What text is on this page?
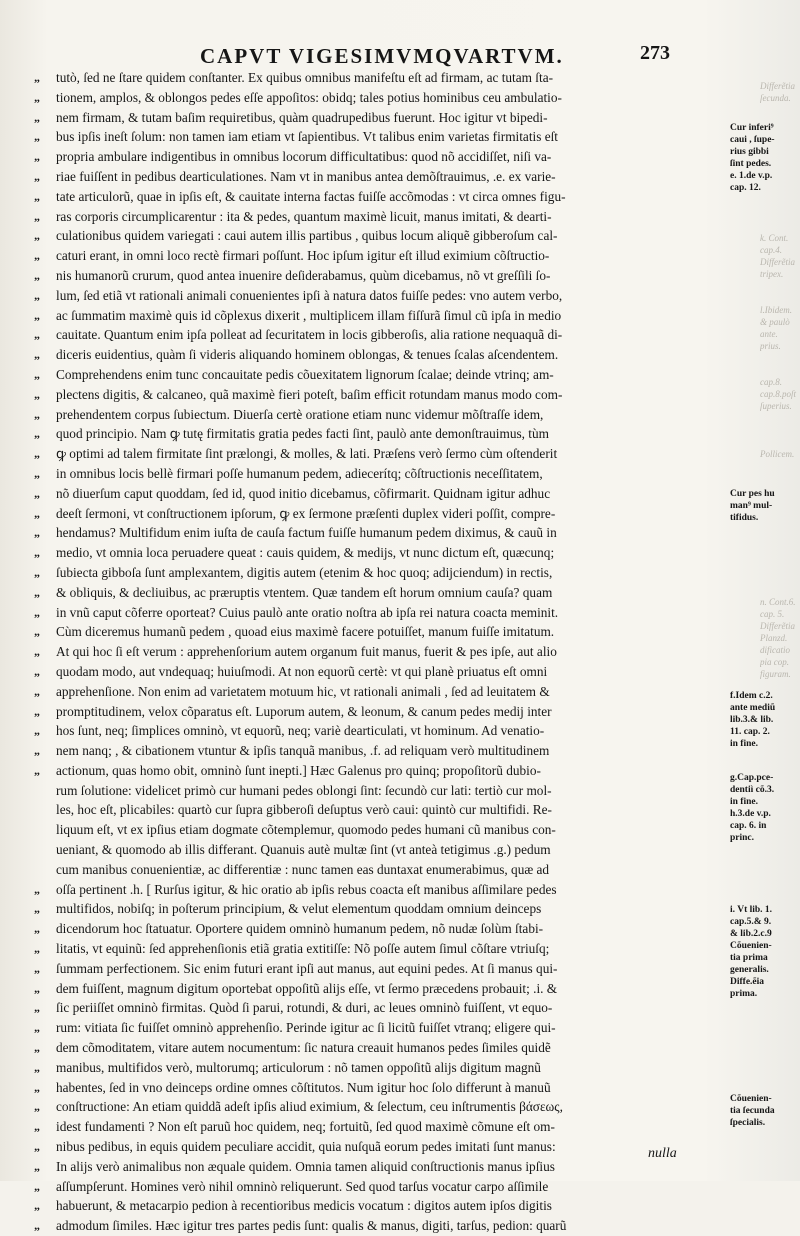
CAPVT VIGESIMVMQVARTVM.	273
„	tutò, ſed ne ſtare quidem conſtanter. Ex quibus omnibus manifeſtu eſt ad firmam, ac tutam ſta-
„	tionem, amplos, & oblongos pedes eſſe appoſitos: obidq; tales potius hominibus ceu ambulatio-
„	nem firmam, & tutam baſim requiretibus, quàm quadrupedibus fuerunt. Hoc igitur vt bipedi-
„	bus ipſis ineſt ſolum: non tamen iam etiam vt ſapientibus. Vt talibus enim varietas firmitatis eſt
„	propria ambulare indigentibus in omnibus locorum difficultatibus: quod nõ accidiſſet, niſi va-
„	riae fuiſſent in pedibus dearticulationes. Nam vt in manibus antea demõſtrauimus, .e. ex varie-
„	tate articulorũ, quae in ipſis eſt, & cauitate interna factas fuiſſe accõmodas : vt circa omnes figu-
„	ras corporis circumplicarentur : ita & pedes, quantum maximè licuit, manus imitati, & dearti-
„	culationibus quidem variegati : caui autem illis partibus , quibus locum aliquẽ gibberoſum cal-
„	caturi erant, in omni loco rectè firmari poſſunt. Hoc ipſum igitur eſt illud eximium cõſtructio-
„	nis humanorũ crurum, quod antea inuenire deſiderabamus, quùm dicebamus, nõ vt greſſili ſo-
„	lum, ſed etiã vt rationali animali conuenientes ipſi à natura datos fuiſſe pedes: vno autem verbo,
„	ac ſummatim maximè quis id cõplexus dixerit , multiplicem illam fiſſurã ſimul cũ ipſa in medio
„	cauitate. Quantum enim ipſa polleat ad ſecuritatem in locis gibberoſis, alia ratione nequaquã di-
„	diceris euidentius, quàm ſi videris aliquando hominem oblongas, & tenues ſcalas aſcendentem.
„	Comprehendens enim tunc concauitate pedis cõuexitatem lignorum ſcalae; deinde vtrinq; am-
„	plectens digitis, & calcaneo, quã maximè fieri poteſt, baſim efficit rotundam manus modo com-
„	prehendentem corpus ſubiectum. Diuerſa certè oratione etiam nunc videmur mõſtraſſe idem,
„	quod principio. Nam ꝙ tutę firmitatis gratia pedes facti ſint, paulò ante demonſtrauimus, tùm
„	ꝙ optimi ad talem firmitate ſint prælongi, & molles, & lati. Præſens verò ſermo cùm oſtenderit
„	in omnibus locis bellè firmari poſſe humanum pedem, adiecerítq; cõſtructionis neceſſitatem,
„	nõ diuerſum caput quoddam, ſed id, quod initio dicebamus, cõfirmarit. Quidnam igitur adhuc
„	deeſt ſermoni, vt conſtructionem ipſorum, ꝙ ex ſermone præſenti duplex videri poſſit, compre-
„	hendamus? Multifidum enim iuſta de cauſa factum fuiſſe humanum pedem diximus, & cauũ in
„	medio, vt omnia loca peruadere queat : cauis quidem, & medijs, vt nunc dictum eſt, quæcunq;
„	ſubiecta gibboſa ſunt amplexantem, digitis autem (etenim & hoc quoq; adijciendum) in rectis,
„	& obliquis, & decliuibus, ac præruptis vtentem. Quæ tandem eſt horum omnium cauſa? quam
„	in vnũ caput cõferre oporteat? Cuius paulò ante oratio noſtra ab ipſa rei natura coacta meminit.
„	Cùm diceremus humanũ pedem , quoad eius maximè facere potuiſſet, manum fuiſſe imitatum.
„	At qui hoc ſi eſt verum : apprehenſorium autem organum fuit manus, fuerit & pes ipſe, aut alio
„	quodam modo, aut vndequaq; huiuſmodi. At non equorũ certè: vt qui planè priuatus eſt omni
„	apprehenſione. Non enim ad varietatem motuum hic, vt rationali animali , ſed ad leuitatem &
„	promptitudinem, velox cõparatus eſt. Luporum autem, & leonum, & canum pedes medij inter
„	hos ſunt, neq; ſimplices omninò, vt equorũ, neq; variè dearticulati, vt hominum. Ad venatio-
„	nem nanq; , & cibationem vtuntur & ipſis tanquã manibus, .f. ad reliquam verò multitudinem
„	actionum, quas homo obit, omninò ſunt inepti.] Hæc Galenus pro quinq; propoſitorũ dubio-
rum ſolutione: videlicet primò cur humani pedes oblongi ſint: ſecundò cur lati: tertiò cur mol-
les, hoc eſt, plicabiles: quartò cur ſupra gibberoſi deſuptus verò caui: quintò cur multifidi. Re-
liquum eſt, vt ex ipſius etiam dogmate cõtemplemur, quomodo pedes humani cũ manibus con-
ueniant, & quomodo ab illis differant. Quanuis autè multæ ſint (vt anteà tetigimus .g.) pedum
cum manibus conuenientiæ, ac differentiæ : nunc tamen eas duntaxat enumerabimus, quæ ad
„	oſſa pertinent .h. [ Rurſus igitur, & hic oratio ab ipſis rebus coacta eſt manibus aſſimilare pedes
„	multifidos, nobiſq; in poſterum principium, & velut elementum quoddam omnium deinceps
„	dicendorum hoc ſtatuatur. Oportere quidem omninò humanum pedem, nõ nudæ ſolùm ſtabi-
„	litatis, vt equinũ: ſed apprehenſionis etiã gratia extitiſſe: Nõ poſſe autem ſimul cõſtare vtriuſq;
„	ſummam perfectionem. Sic enim futuri erant ipſi aut manus, aut equini pedes. At ſi manus qui-
„	dem fuiſſent, magnum digitum oportebat oppoſitũ alijs eſſe, vt ſermo præcedens probauit; .i. &
„	ſic periiſſet omninò firmitas. Quòd ſi parui, rotundi, & duri, ac leues omninò fuiſſent, vt equo-
„	rum: vitiata ſic fuiſſet omninò apprehenſio. Perinde igitur ac ſi licitũ fuiſſet vtranq; eligere qui-
„	dem cõmoditatem, vitare autem nocumentum: ſic natura creauit humanos pedes ſimiles quidẽ
„	manibus, multifidos verò, multorumq; articulorum : nõ tamen oppoſitũ alijs digitum magnũ
„	habentes, ſed in vno deinceps ordine omnes cõſtitutos. Num igitur hoc ſolo differunt à manuũ
„	conſtructione: An etiam quiddã adeſt ipſis aliud eximium, & ſelectum, ceu inſtrumentis βάσεως,
„	idest fundamenti ? Non eſt paruũ hoc quidem, neq; fortuitũ, ſed quod maximè cõmune eſt om-
„	nibus pedibus, in equis quidem peculiare accidit, quia nuſquã eorum pedes imitati ſunt manus:
„	In alijs verò animalibus non æquale quidem. Omnia tamen aliquid conſtructionis manus ipſius
„	aſſumpſerunt. Homines verò nihil omninò reliquerunt. Sed quod tarſus vocatur carpo aſſimile
„	habuerunt, & metacarpio pedion à recentioribus medicis vocatum : digitos autem ipſos digitis
„	admodum ſimiles. Hæc igitur tres partes pedis ſunt: qualis & manus, digiti, tarſus, pedion: quarũ
Cur inferi⁹
caui , ſupe-
rius gibbi
ſint pedes.
e. 1.de v.p.
cap. 12.
Cur pes hu
man⁹ mul-
tifidus.
f.Idem c.2.
ante mediũ
lib.3.& lib.
11. cap. 2.
in fine.
g.Cap.pce-
dentiì cõ.3.
in fine.
h.3.de v.p.
cap. 6. in
princ.
i. Vt lib. 1.
cap.5.& 9.
& lib.2.c.9
Cõuenien-
tia prima
generalis.
Diffe.ẽia
prima.
Cõuenien-
tia ſecunda
ſpecialis.
Differẽtia
ſecunda.
k. Cont.
cap.4.
Differẽtia
tripex.
l.Ibidem.
& paulò
ante.
prius.
cap.8.
cap.8.poſt
ſuperius.
Pollicem.
n. Cont.6.
cap. 5.
Differẽtia
Planzd.
dificatio
pia cop.
figuram.
nulla
